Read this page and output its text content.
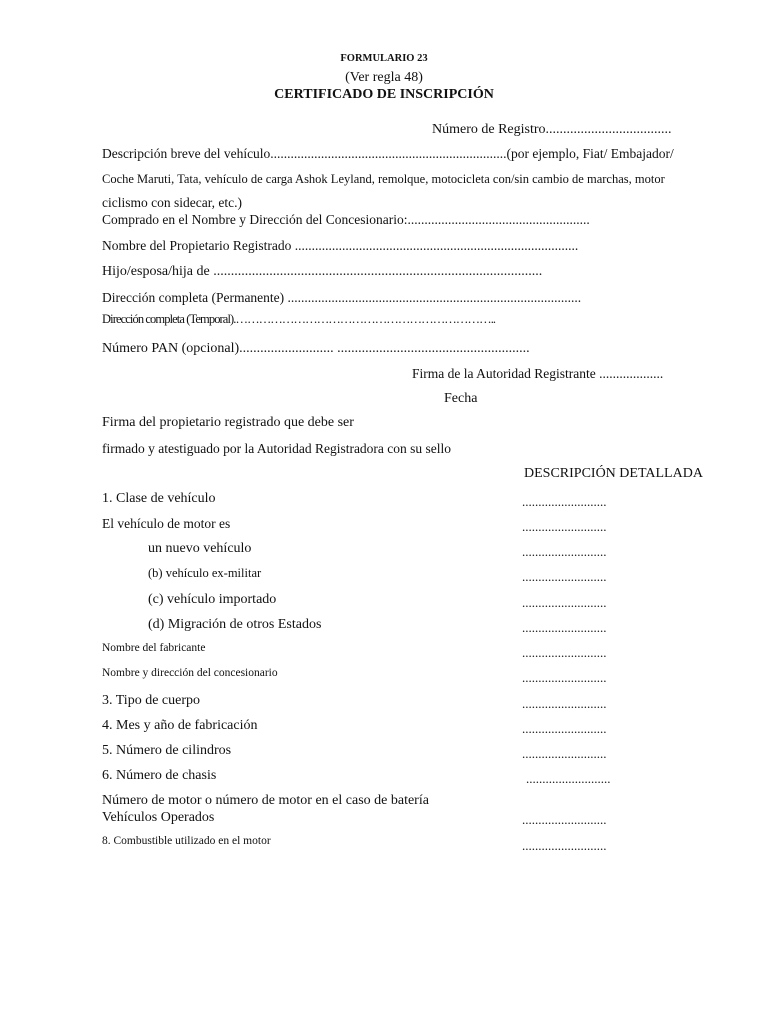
FORMULARIO 23
(Ver regla 48)
CERTIFICADO DE INSCRIPCIÓN
Número de Registro....................................
Descripción breve del vehículo......................................................................(por ejemplo, Fiat/ Embajador/
Coche Maruti, Tata, vehículo de carga Ashok Leyland, remolque, motocicleta con/sin cambio de marchas, motor
ciclismo con sidecar, etc.)
Comprado en el Nombre y Dirección del Concesionario:......................................................
Nombre del Propietario Registrado ....................................................................................
Hijo/esposa/hija de ..............................................................................................
Dirección completa (Permanente) .......................................................................................
Dirección completa (Temporal).…………………………………………………………..
Número PAN (opcional)........................... .......................................................
Firma de la Autoridad Registrante ...................
Fecha
Firma del propietario registrado que debe ser
firmado y atestiguado por la Autoridad Registradora con su sello
DESCRIPCIÓN DETALLADA
1. Clase de vehículo	..........................
El vehículo de motor es	..........................
un nuevo vehículo	..........................
(b) vehículo ex-militar	..........................
(c) vehículo importado	..........................
(d) Migración de otros Estados	..........................
Nombre del fabricante	..........................
Nombre y dirección del concesionario	..........................
3. Tipo de cuerpo	..........................
4. Mes y año de fabricación	..........................
5. Número de cilindros	..........................
6. Número de chasis	..........................
Número de motor o número de motor en el caso de batería
Vehículos Operados	..........................
8. Combustible utilizado en el motor	..........................
